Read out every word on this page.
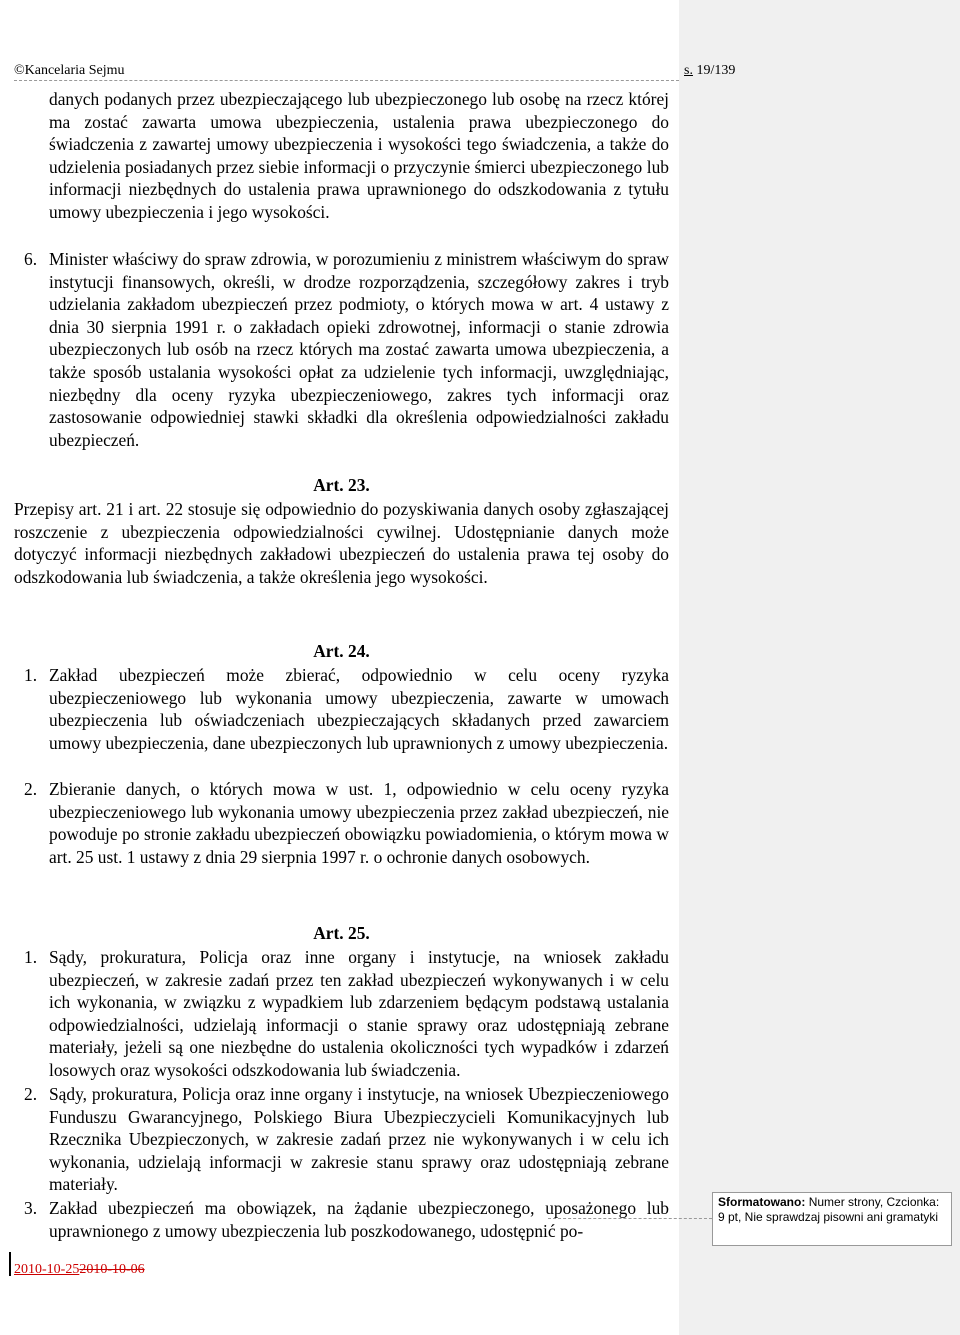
©Kancelaria Sejmu	s. 19/139
danych podanych przez ubezpieczającego lub ubezpieczonego lub osobę na rzecz której ma zostać zawarta umowa ubezpieczenia, ustalenia prawa ubezpieczonego do świadczenia z zawartej umowy ubezpieczenia i wysokości tego świadczenia, a także do udzielenia posiadanych przez siebie informacji o przyczynie śmierci ubezpieczonego lub informacji niezbędnych do ustalenia prawa uprawnionego do odszkodowania z tytułu umowy ubezpieczenia i jego wysokości.
6. Minister właściwy do spraw zdrowia, w porozumieniu z ministrem właściwym do spraw instytucji finansowych, określi, w drodze rozporządzenia, szczegółowy zakres i tryb udzielania zakładom ubezpieczeń przez podmioty, o których mowa w art. 4 ustawy z dnia 30 sierpnia 1991 r. o zakładach opieki zdrowotnej, informacji o stanie zdrowia ubezpieczonych lub osób na rzecz których ma zostać zawarta umowa ubezpieczenia, a także sposób ustalania wysokości opłat za udzielenie tych informacji, uwzględniając, niezbędny dla oceny ryzyka ubezpieczeniowego, zakres tych informacji oraz zastosowanie odpowiedniej stawki składki dla określenia odpowiedzialności zakładu ubezpieczeń.
Art. 23.
Przepisy art. 21 i art. 22 stosuje się odpowiednio do pozyskiwania danych osoby zgłaszającej roszczenie z ubezpieczenia odpowiedzialności cywilnej. Udostępnianie danych może dotyczyć informacji niezbędnych zakładowi ubezpieczeń do ustalenia prawa tej osoby do odszkodowania lub świadczenia, a także określenia jego wysokości.
Art. 24.
1. Zakład ubezpieczeń może zbierać, odpowiednio w celu oceny ryzyka ubezpieczeniowego lub wykonania umowy ubezpieczenia, zawarte w umowach ubezpieczenia lub oświadczeniach ubezpieczających składanych przed zawarciem umowy ubezpieczenia, dane ubezpieczonych lub uprawnionych z umowy ubezpieczenia.
2. Zbieranie danych, o których mowa w ust. 1, odpowiednio w celu oceny ryzyka ubezpieczeniowego lub wykonania umowy ubezpieczenia przez zakład ubezpieczeń, nie powoduje po stronie zakładu ubezpieczeń obowiązku powiadomienia, o którym mowa w art. 25 ust. 1 ustawy z dnia 29 sierpnia 1997 r. o ochronie danych osobowych.
Art. 25.
1. Sądy, prokuratura, Policja oraz inne organy i instytucje, na wniosek zakładu ubezpieczeń, w zakresie zadań przez ten zakład ubezpieczeń wykonywanych i w celu ich wykonania, w związku z wypadkiem lub zdarzeniem będącym podstawą ustalania odpowiedzialności, udzielają informacji o stanie sprawy oraz udostępniają zebrane materiały, jeżeli są one niezbędne do ustalenia okoliczności tych wypadków i zdarzeń losowych oraz wysokości odszkodowania lub świadczenia.
2. Sądy, prokuratura, Policja oraz inne organy i instytucje, na wniosek Ubezpieczeniowego Funduszu Gwarancyjnego, Polskiego Biura Ubezpieczycieli Komunikacyjnych lub Rzecznika Ubezpieczonych, w zakresie zadań przez nie wykonywanych i w celu ich wykonania, udzielają informacji w zakresie stanu sprawy oraz udostępniają zebrane materiały.
3. Zakład ubezpieczeń ma obowiązek, na żądanie ubezpieczonego, uposażonego lub uprawnionego z umowy ubezpieczenia lub poszkodowanego, udostępnić po-
Sformatowano: Numer strony, Czcionka: 9 pt, Nie sprawdzaj pisowni ani gramatyki
2010-10-252010-10-06
